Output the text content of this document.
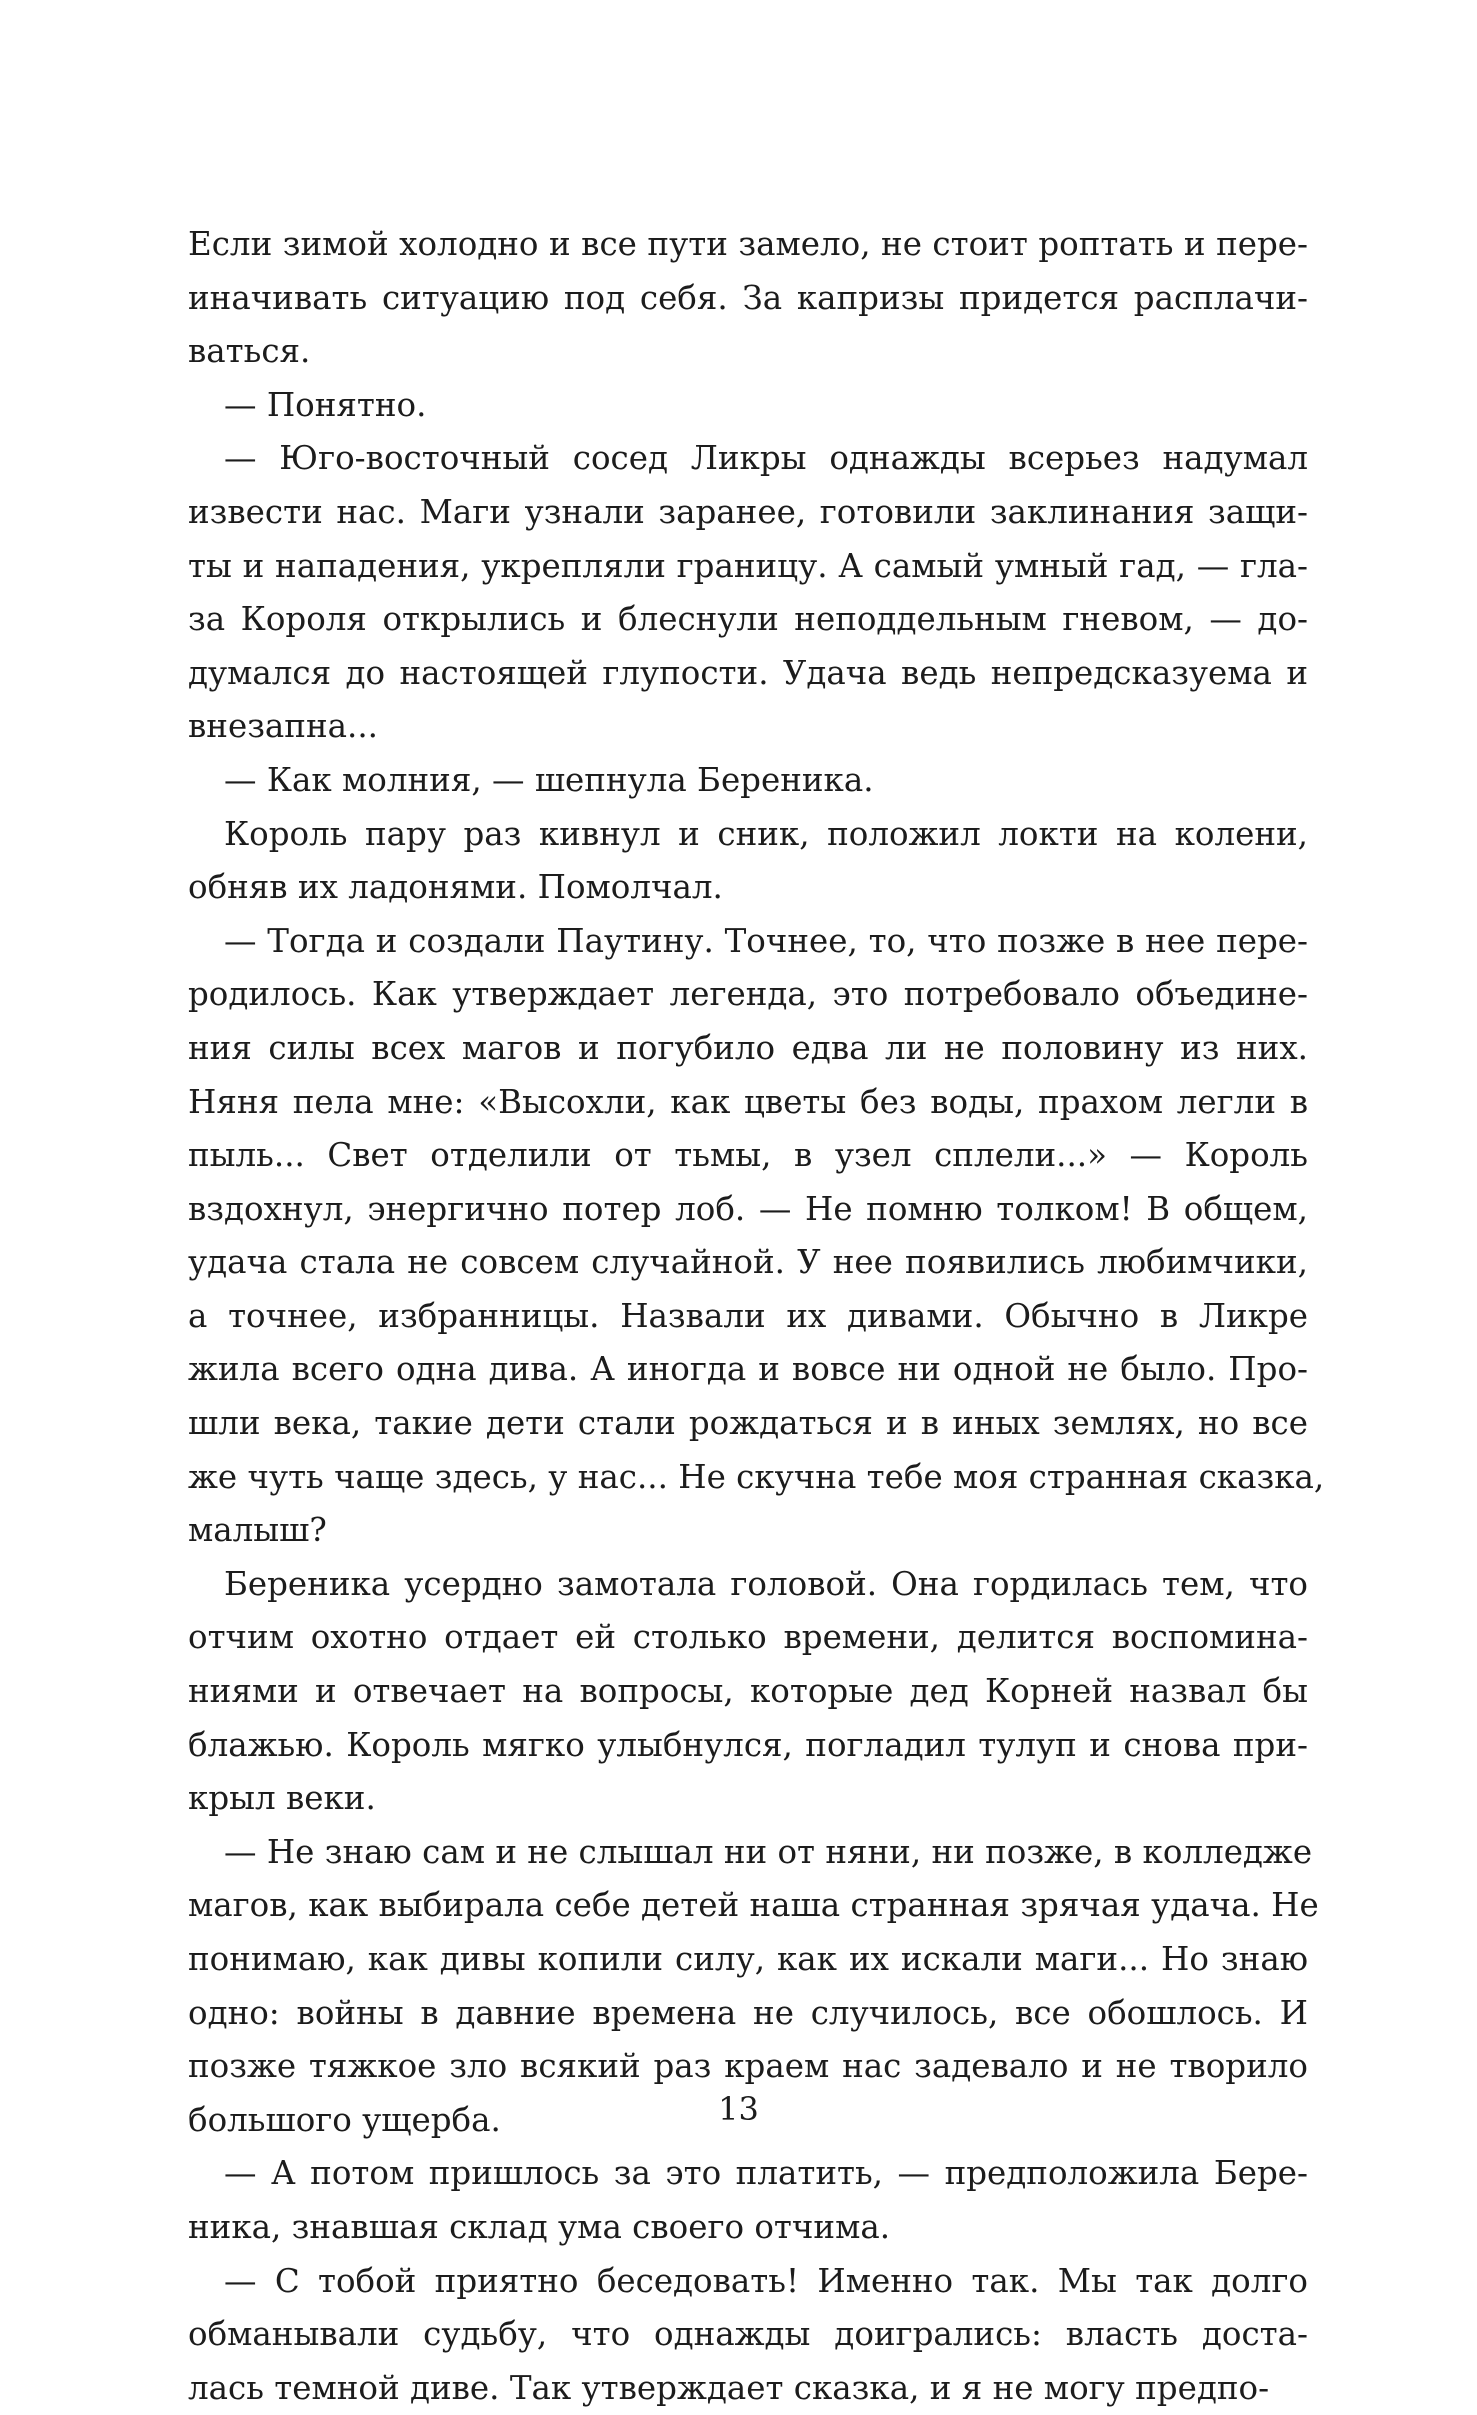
Если зимой холодно и все пути замело, не стоит роптать и пере-
иначивать ситуацию под себя. За капризы придется расплачи-
ваться.
— Понятно.
— Юго-восточный сосед Ликры однажды всерьез надумал
извести нас. Маги узнали заранее, готовили заклинания защи-
ты и нападения, укрепляли границу. А самый умный гад, — гла-
за Короля открылись и блеснули неподдельным гневом, — до-
думался до настоящей глупости. Удача ведь непредсказуема и
внезапна...
— Как молния, — шепнула Береника.
Король пару раз кивнул и сник, положил локти на колени,
обняв их ладонями. Помолчал.
— Тогда и создали Паутину. Точнее, то, что позже в нее пере-
родилось. Как утверждает легенда, это потребовало объедине-
ния силы всех магов и погубило едва ли не половину из них.
Няня пела мне: «Высохли, как цветы без воды, прахом легли в
пыль... Свет отделили от тьмы, в узел сплели...» — Король
вздохнул, энергично потер лоб. — Не помню толком! В общем,
удача стала не совсем случайной. У нее появились любимчики,
а точнее, избранницы. Назвали их дивами. Обычно в Ликре
жила всего одна дива. А иногда и вовсе ни одной не было. Про-
шли века, такие дети стали рождаться и в иных землях, но все
же чуть чаще здесь, у нас... Не скучна тебе моя странная сказка,
малыш?
Береника усердно замотала головой. Она гордилась тем, что
отчим охотно отдает ей столько времени, делится воспомина-
ниями и отвечает на вопросы, которые дед Корней назвал бы
блажью. Король мягко улыбнулся, погладил тулуп и снова при-
крыл веки.
— Не знаю сам и не слышал ни от няни, ни позже, в колледже
магов, как выбирала себе детей наша странная зрячая удача. Не
понимаю, как дивы копили силу, как их искали маги... Но знаю
одно: войны в давние времена не случилось, все обошлось. И
позже тяжкое зло всякий раз краем нас задевало и не творило
большого ущерба.
— А потом пришлось за это платить, — предположила Бере-
ника, знавшая склад ума своего отчима.
— С тобой приятно беседовать! Именно так. Мы так долго
обманывали судьбу, что однажды доигрались: власть доста-
лась темной диве. Так утверждает сказка, и я не могу предпо-
13
